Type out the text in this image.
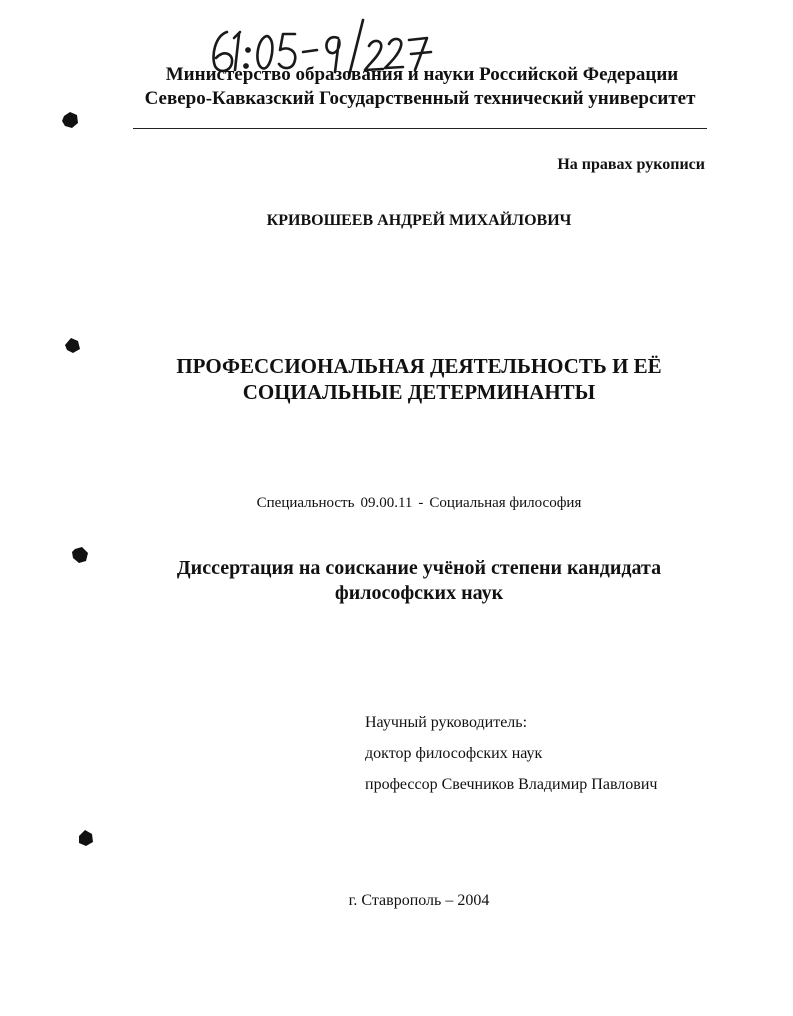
Министерство образования и науки Российской Федерации
Северо-Кавказский Государственный технический университет
На правах рукописи
КРИВОШЕЕВ АНДРЕЙ МИХАЙЛОВИЧ
ПРОФЕССИОНАЛЬНАЯ ДЕЯТЕЛЬНОСТЬ И ЕЁ
СОЦИАЛЬНЫЕ ДЕТЕРМИНАНТЫ
Специальность 09.00.11 - Социальная философия
Диссертация на соискание учёной степени кандидата
философских наук
Научный руководитель:
доктор философских наук
профессор Свечников Владимир Павлович
г. Ставрополь – 2004
